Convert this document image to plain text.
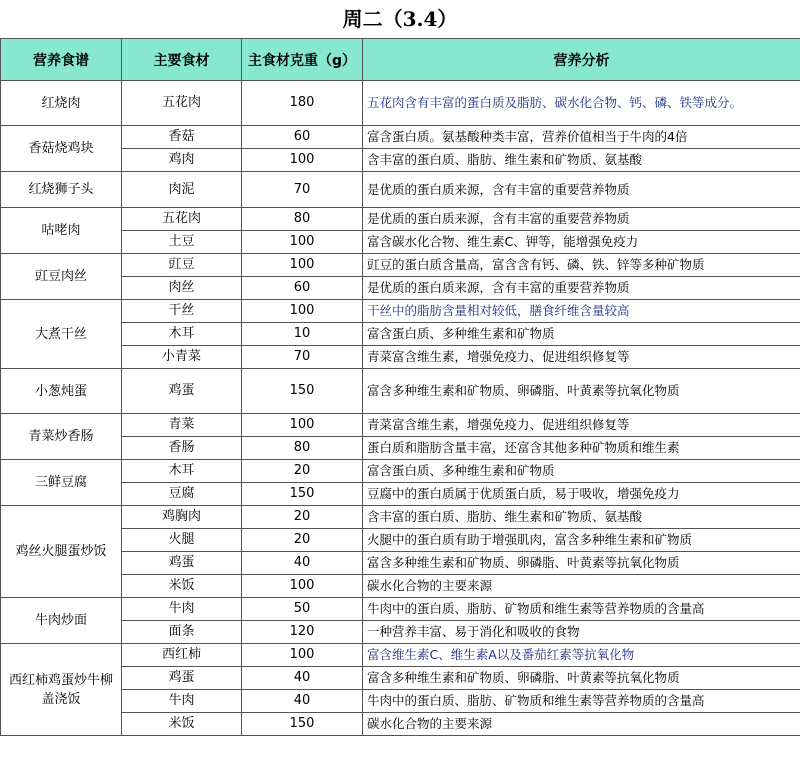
周二（3.4）
营养食谱	主要食材	主食材克重（g）	营养分析
红烧肉	五花肉	180	五花肉含有丰富的蛋白质及脂肪、碳水化合物、钙、磷、铁等成分。
香菇烧鸡块	香菇	60	富含蛋白质。氨基酸种类丰富，营养价值相当于牛肉的4倍
	鸡肉	100	含丰富的蛋白质、脂肪、维生素和矿物质、氨基酸
红烧狮子头	肉泥	70	是优质的蛋白质来源，含有丰富的重要营养物质
咕咾肉	五花肉	80	是优质的蛋白质来源，含有丰富的重要营养物质
	土豆	100	富含碳水化合物、维生素C、钾等，能增强免疫力
豇豆肉丝	豇豆	100	豇豆的蛋白质含量高，富含含有钙、磷、铁、锌等多种矿物质
	肉丝	60	是优质的蛋白质来源，含有丰富的重要营养物质
大煮干丝	干丝	100	干丝中的脂肪含量相对较低，膳食纤维含量较高
	木耳	10	富含蛋白质、多种维生素和矿物质
	小青菜	70	青菜富含维生素，增强免疫力、促进组织修复等
小葱炖蛋	鸡蛋	150	富含多种维生素和矿物质、卵磷脂、叶黄素等抗氧化物质
青菜炒香肠	青菜	100	青菜富含维生素，增强免疫力、促进组织修复等
	香肠	80	蛋白质和脂肪含量丰富，还富含其他多种矿物质和维生素
三鲜豆腐	木耳	20	富含蛋白质、多种维生素和矿物质
	豆腐	150	豆腐中的蛋白质属于优质蛋白质，易于吸收，增强免疫力
鸡丝火腿蛋炒饭	鸡胸肉	20	含丰富的蛋白质、脂肪、维生素和矿物质、氨基酸
	火腿	20	火腿中的蛋白质有助于增强肌肉，富含多种维生素和矿物质
	鸡蛋	40	富含多种维生素和矿物质、卵磷脂、叶黄素等抗氧化物质
	米饭	100	碳水化合物的主要来源
牛肉炒面	牛肉	50	牛肉中的蛋白质、脂肪、矿物质和维生素等营养物质的含量高
	面条	120	一种营养丰富、易于消化和吸收的食物
西红柿鸡蛋炒牛柳盖浇饭	西红柿	100	富含维生素C、维生素A以及番茄红素等抗氧化物
	鸡蛋	40	富含多种维生素和矿物质、卵磷脂、叶黄素等抗氧化物质
	牛肉	40	牛肉中的蛋白质、脂肪、矿物质和维生素等营养物质的含量高
	米饭	150	碳水化合物的主要来源
